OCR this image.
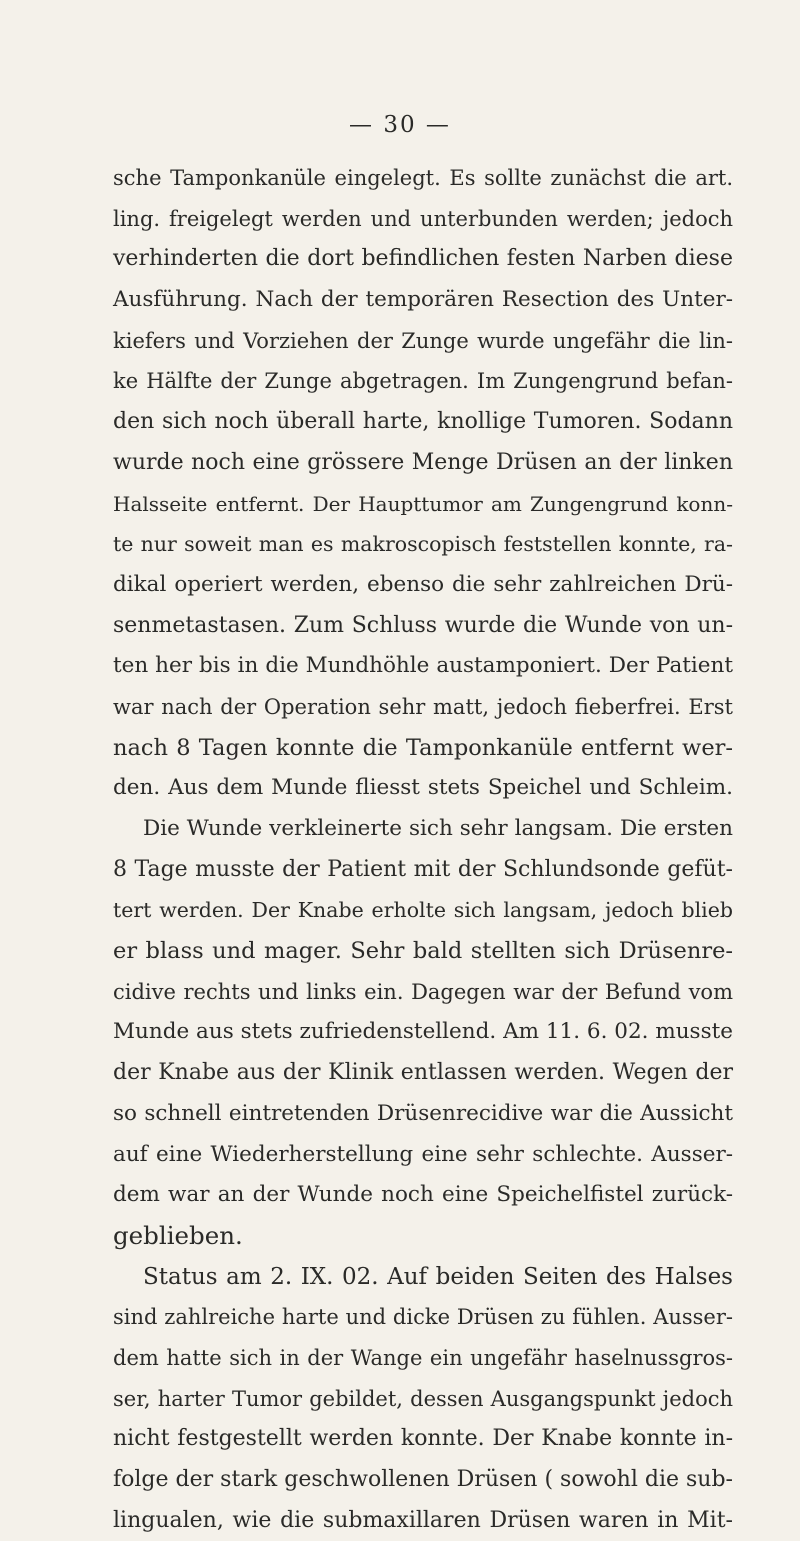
— 30 —
sche Tamponkanüle eingelegt. Es sollte zunächst die art.
ling. freigelegt werden und unterbunden werden; jedoch
verhinderten die dort befindlichen festen Narben diese
Ausführung. Nach der temporären Resection des Unter-
kiefers und Vorziehen der Zunge wurde ungefähr die lin-
ke Hälfte der Zunge abgetragen. Im Zungengrund befan-
den sich noch überall harte, knollige Tumoren. Sodann
wurde noch eine grössere Menge Drüsen an der linken
Halsseite entfernt. Der Haupttumor am Zungengrund konn-
te nur soweit man es makroscopisch feststellen konnte, ra-
dikal operiert werden, ebenso die sehr zahlreichen Drü-
senmetastasen. Zum Schluss wurde die Wunde von un-
ten her bis in die Mundhöhle austamponiert. Der Patient
war nach der Operation sehr matt, jedoch fieberfrei. Erst
nach 8 Tagen konnte die Tamponkanüle entfernt wer-
den. Aus dem Munde fliesst stets Speichel und Schleim.
Die Wunde verkleinerte sich sehr langsam. Die ersten
8 Tage musste der Patient mit der Schlundsonde gefüt-
tert werden. Der Knabe erholte sich langsam, jedoch blieb
er blass und mager. Sehr bald stellten sich Drüsenre-
cidive rechts und links ein. Dagegen war der Befund vom
Munde aus stets zufriedenstellend. Am 11. 6. 02. musste
der Knabe aus der Klinik entlassen werden. Wegen der
so schnell eintretenden Drüsenrecidive war die Aussicht
auf eine Wiederherstellung eine sehr schlechte. Ausser-
dem war an der Wunde noch eine Speichelfistel zurück-
geblieben.
Status am 2. IX. 02. Auf beiden Seiten des Halses
sind zahlreiche harte und dicke Drüsen zu fühlen. Ausser-
dem hatte sich in der Wange ein ungefähr haselnussgros-
ser, harter Tumor gebildet, dessen Ausgangspunkt jedoch
nicht festgestellt werden konnte. Der Knabe konnte in-
folge der stark geschwollenen Drüsen ( sowohl die sub-
lingualen, wie die submaxillaren Drüsen waren in Mit-
